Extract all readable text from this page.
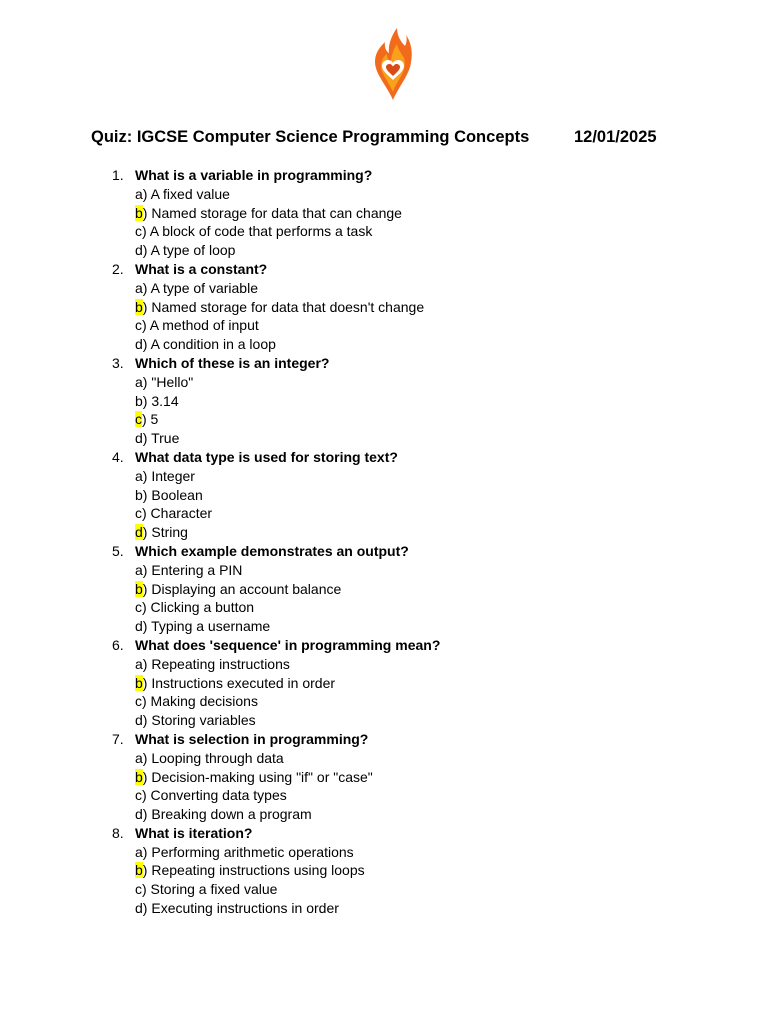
Quiz: IGCSE Computer Science Programming Concepts	12/01/2025
1. What is a variable in programming?
a) A fixed value
b) Named storage for data that can change
c) A block of code that performs a task
d) A type of loop
2. What is a constant?
a) A type of variable
b) Named storage for data that doesn't change
c) A method of input
d) A condition in a loop
3. Which of these is an integer?
a) "Hello"
b) 3.14
c) 5
d) True
4. What data type is used for storing text?
a) Integer
b) Boolean
c) Character
d) String
5. Which example demonstrates an output?
a) Entering a PIN
b) Displaying an account balance
c) Clicking a button
d) Typing a username
6. What does 'sequence' in programming mean?
a) Repeating instructions
b) Instructions executed in order
c) Making decisions
d) Storing variables
7. What is selection in programming?
a) Looping through data
b) Decision-making using "if" or "case"
c) Converting data types
d) Breaking down a program
8. What is iteration?
a) Performing arithmetic operations
b) Repeating instructions using loops
c) Storing a fixed value
d) Executing instructions in order
